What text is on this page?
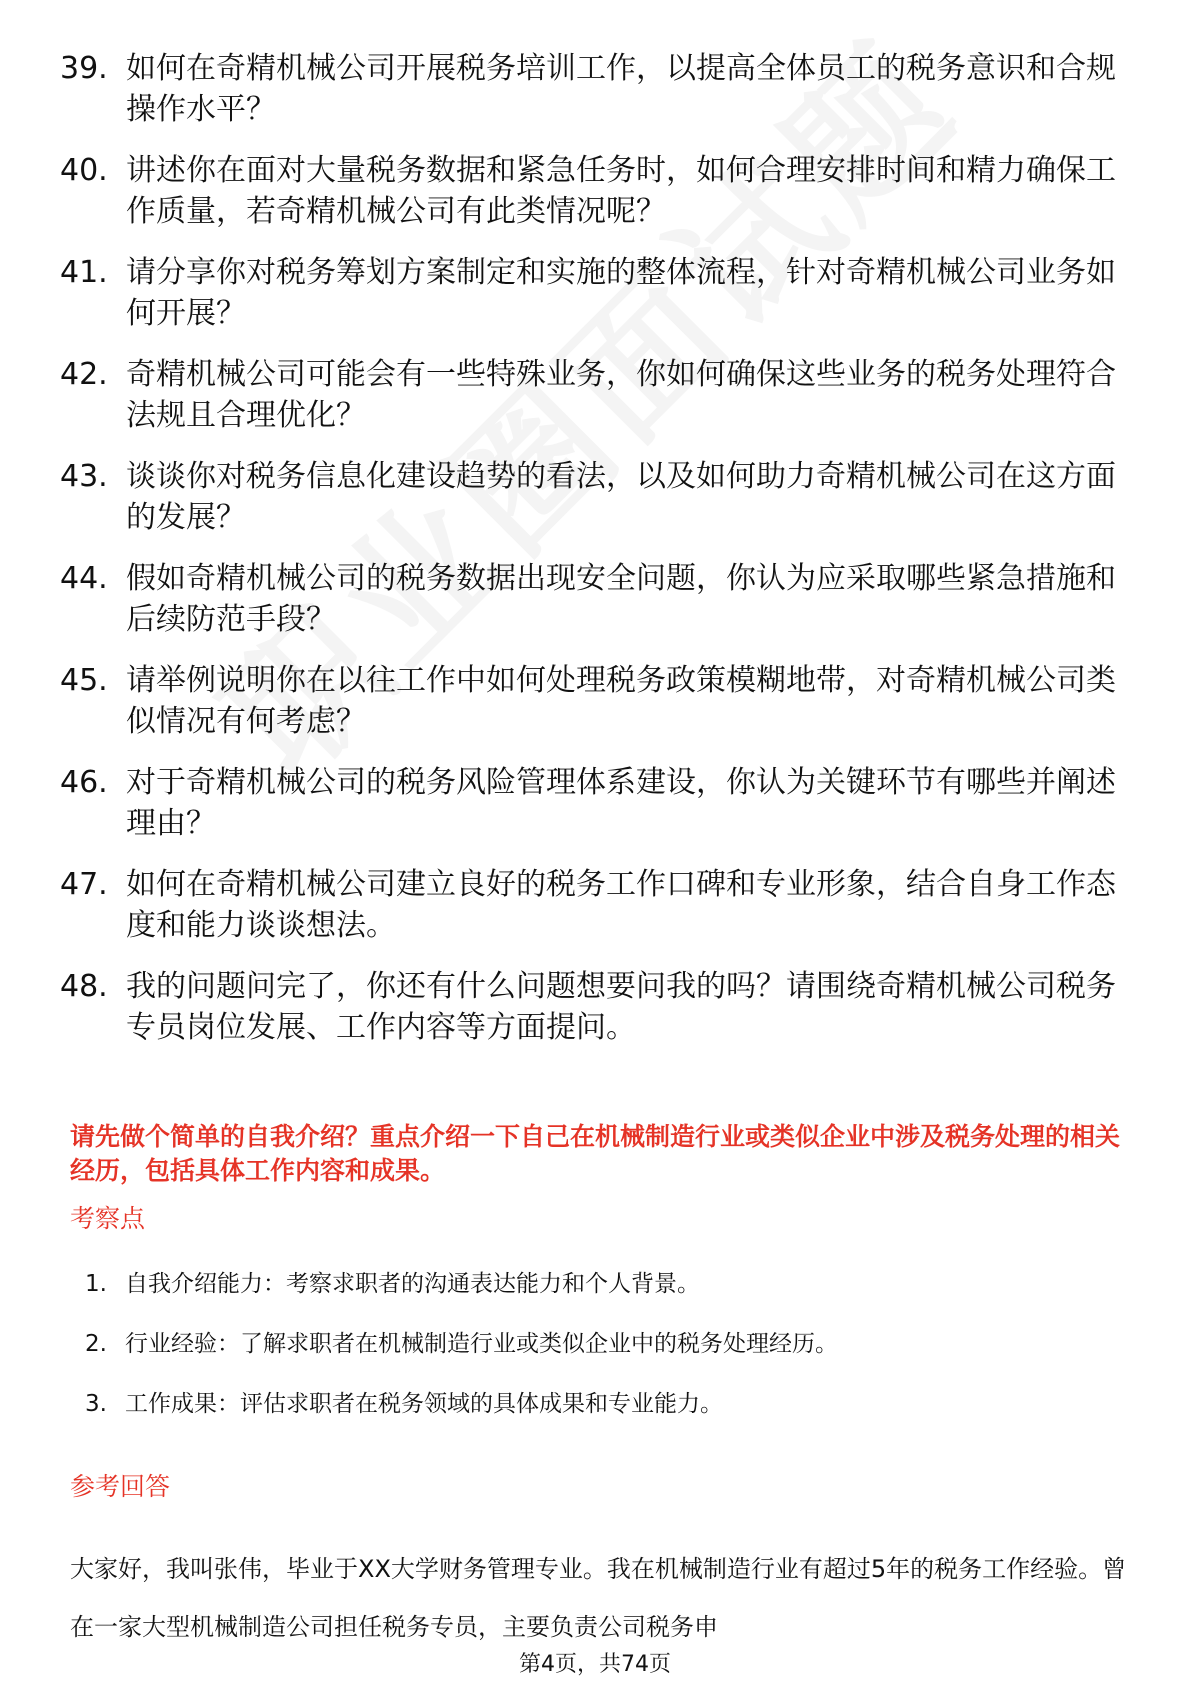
39. 如何在奇精机械公司开展税务培训工作，以提高全体员工的税务意识和合规操作水平？
40. 讲述你在面对大量税务数据和紧急任务时，如何合理安排时间和精力确保工作质量，若奇精机械公司有此类情况呢？
41. 请分享你对税务筹划方案制定和实施的整体流程，针对奇精机械公司业务如何开展？
42. 奇精机械公司可能会有一些特殊业务，你如何确保这些业务的税务处理符合法规且合理优化？
43. 谈谈你对税务信息化建设趋势的看法，以及如何助力奇精机械公司在这方面的发展？
44. 假如奇精机械公司的税务数据出现安全问题，你认为应采取哪些紧急措施和后续防范手段？
45. 请举例说明你在以往工作中如何处理税务政策模糊地带，对奇精机械公司类似情况有何考虑？
46. 对于奇精机械公司的税务风险管理体系建设，你认为关键环节有哪些并阐述理由？
47. 如何在奇精机械公司建立良好的税务工作口碑和专业形象，结合自身工作态度和能力谈谈想法。
48. 我的问题问完了，你还有什么问题想要问我的吗？请围绕奇精机械公司税务专员岗位发展、工作内容等方面提问。
请先做个简单的自我介绍？重点介绍一下自己在机械制造行业或类似企业中涉及税务处理的相关经历，包括具体工作内容和成果。
考察点
1. 自我介绍能力：考察求职者的沟通表达能力和个人背景。
2. 行业经验：了解求职者在机械制造行业或类似企业中的税务处理经历。
3. 工作成果：评估求职者在税务领域的具体成果和专业能力。
参考回答

大家好，我叫张伟，毕业于XX大学财务管理专业。我在机械制造行业有超过5年的税务工作经验。曾在一家大型机械制造公司担任税务专员，主要负责公司税务申

第4页，共74页
